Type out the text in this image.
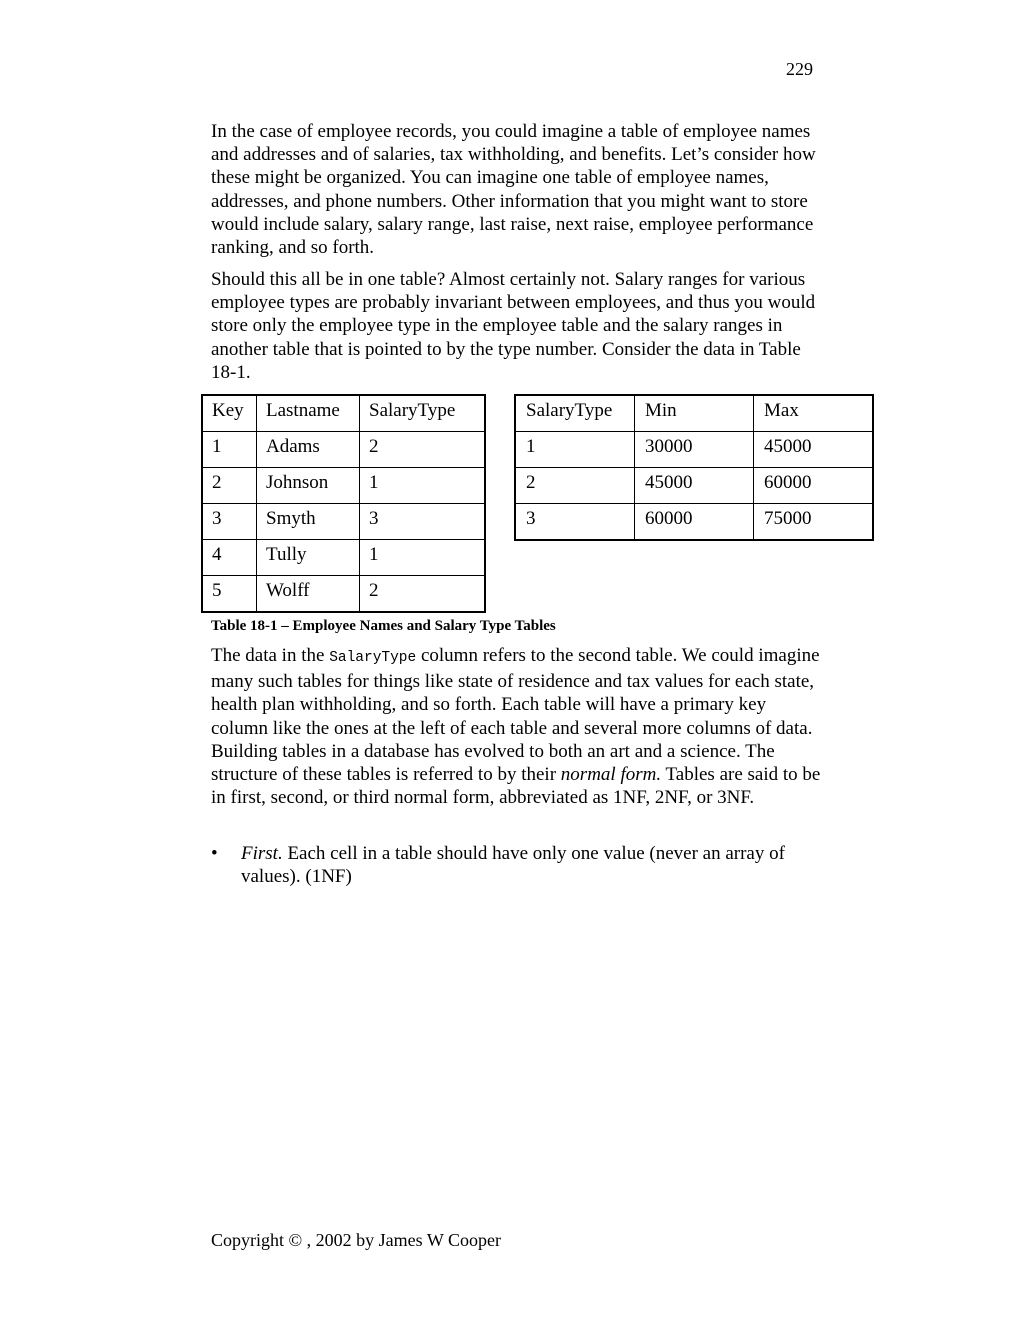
229

In the case of employee records, you could imagine a table of employee names and addresses and of salaries, tax withholding, and benefits. Let’s consider how these might be organized. You can imagine one table of employee names, addresses, and phone numbers. Other information that you might want to store would include salary, salary range, last raise, next raise, employee performance ranking, and so forth.

Should this all be in one table? Almost certainly not. Salary ranges for various employee types are probably invariant between employees, and thus you would store only the employee type in the employee table and the salary ranges in another table that is pointed to by the type number. Consider the data in Table 18-1.

Key	Lastname	SalaryType
1	Adams	2
2	Johnson	1
3	Smyth	3
4	Tully	1
5	Wolff	2
SalaryType	Min	Max
1	30000	45000
2	45000	60000
3	60000	75000

Table 18-1 – Employee Names and Salary Type Tables

The data in the SalaryType column refers to the second table. We could imagine many such tables for things like state of residence and tax values for each state, health plan withholding, and so forth. Each table will have a primary key column like the ones at the left of each table and several more columns of data. Building tables in a database has evolved to both an art and a science. The structure of these tables is referred to by their normal form. Tables are said to be in first, second, or third normal form, abbreviated as 1NF, 2NF, or 3NF.

• First. Each cell in a table should have only one value (never an array of values). (1NF)

Copyright © , 2002 by James W Cooper
